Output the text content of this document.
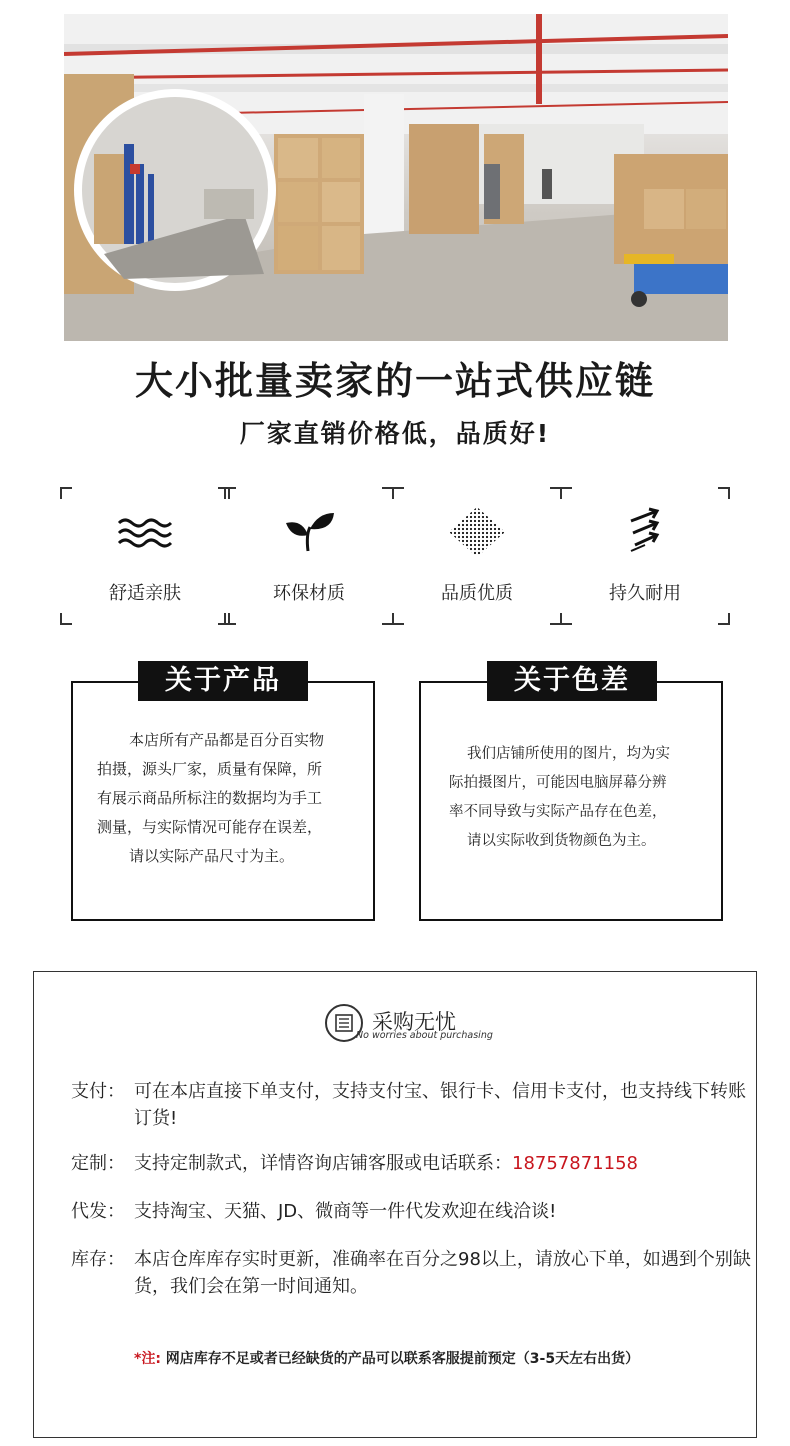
大小批量卖家的一站式供应链
厂家直销价格低，品质好!
舒适亲肤	环保材质	品质优质	持久耐用
关于产品
本店所有产品都是百分百实物
拍摄，源头厂家，质量有保障，所
有展示商品所标注的数据均为手工
测量，与实际情况可能存在误差，
请以实际产品尺寸为主。
关于色差
我们店铺所使用的图片，均为实
际拍摄图片，可能因电脑屏幕分辨
率不同导致与实际产品存在色差，
请以实际收到货物颜色为主。
采购无忧
No worries about purchasing
支付： 可在本店直接下单支付，支持支付宝、银行卡、信用卡支付，也支持线下转账订货!
定制： 支持定制款式，详情咨询店铺客服或电话联系：18757871158
代发： 支持淘宝、天猫、JD、微商等一件代发欢迎在线洽谈!
库存： 本店仓库库存实时更新，准确率在百分之98以上，请放心下单，如遇到个别缺货，我们会在第一时间通知。
*注: 网店库存不足或者已经缺货的产品可以联系客服提前预定（3-5天左右出货）
